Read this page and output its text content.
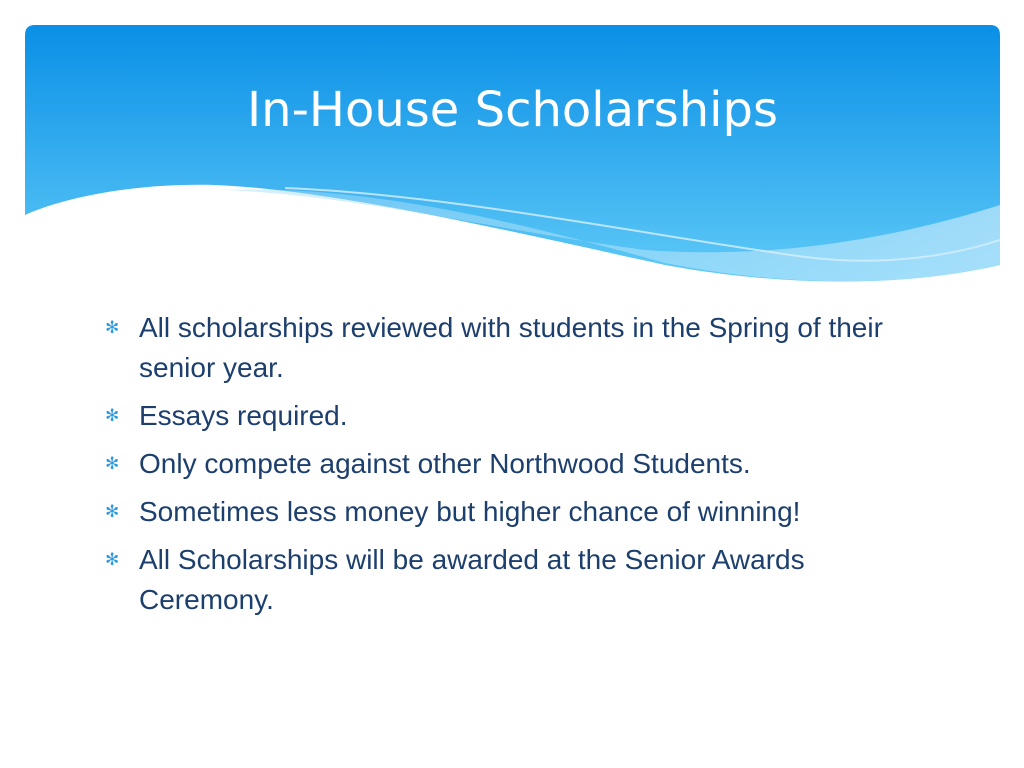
In-House Scholarships
✻ All scholarships reviewed with students in the Spring of their senior year.
✻ Essays required.
✻ Only compete against other Northwood Students.
✻ Sometimes less money but higher chance of winning!
✻ All Scholarships will be awarded at the Senior Awards Ceremony.
